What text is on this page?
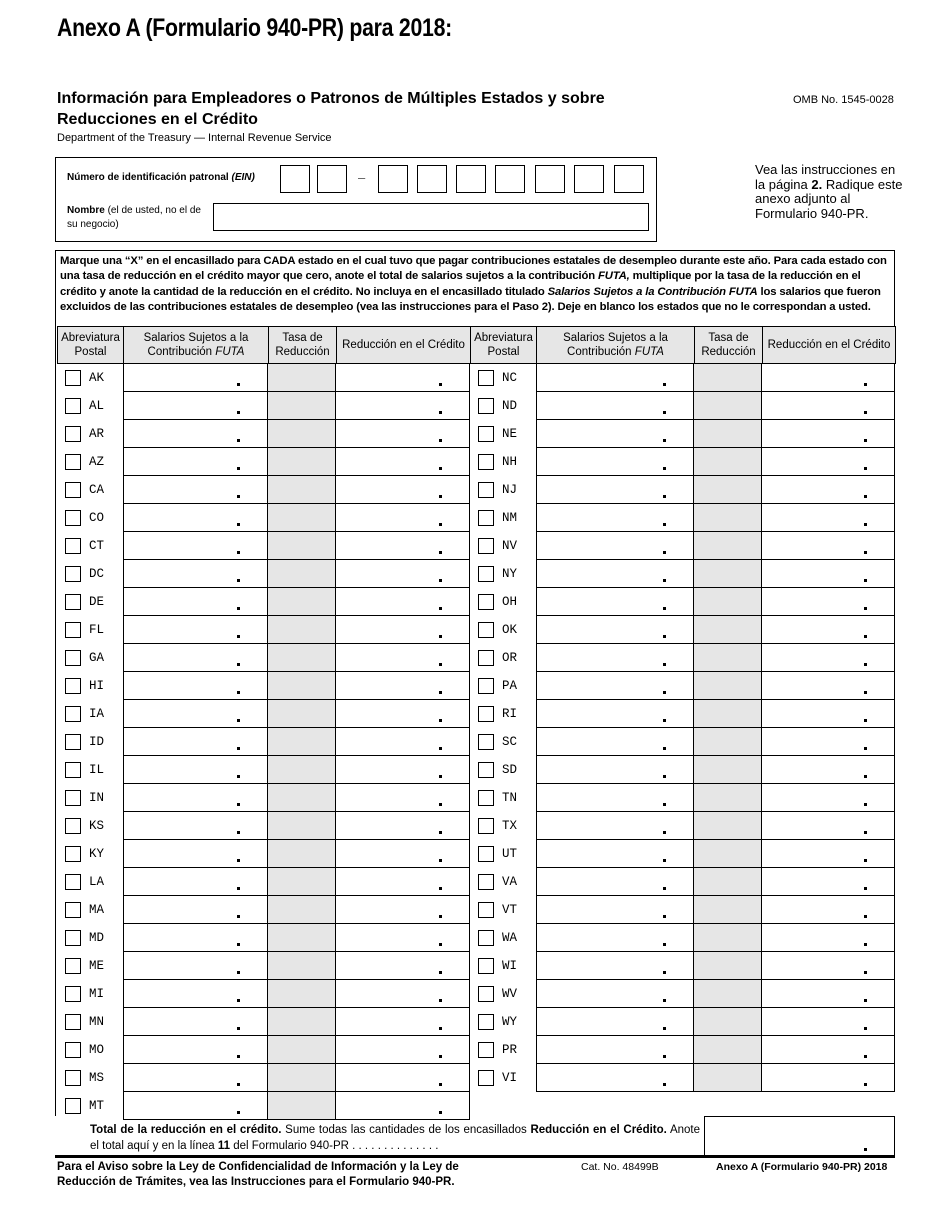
Anexo A (Formulario 940-PR) para 2018:
Información para Empleadores o Patronos de Múltiples Estados y sobre
Reducciones en el Crédito
OMB No. 1545-0028
Department of the Treasury — Internal Revenue Service
Número de identificación patronal (EIN)	–
Nombre (el de usted, no el de su negocio)
Vea las instrucciones en la página 2. Radique este anexo adjunto al Formulario 940-PR.
Marque una “X” en el encasillado para CADA estado en el cual tuvo que pagar contribuciones estatales de desempleo durante este año. Para cada estado con una tasa de reducción en el crédito mayor que cero, anote el total de salarios sujetos a la contribución FUTA, multiplique por la tasa de la reducción en el crédito y anote la cantidad de la reducción en el crédito. No incluya en el encasillado titulado Salarios Sujetos a la Contribución FUTA los salarios que fueron excluidos de las contribuciones estatales de desempleo (vea las instrucciones para el Paso 2). Deje en blanco los estados que no le correspondan a usted.
Abreviatura Postal
Salarios Sujetos a la Contribución FUTA
Tasa de Reducción
Reducción en el Crédito
AK
AL
AR
AZ
CA
CO
CT
DC
DE
FL
GA
HI
IA
ID
IL
IN
KS
KY
LA
MA
MD
ME
MI
MN
MO
MS
MT
Abreviatura Postal
Salarios Sujetos a la Contribución FUTA
Tasa de Reducción
Reducción en el Crédito
NC
ND
NE
NH
NJ
NM
NV
NY
OH
OK
OR
PA
RI
SC
SD
TN
TX
UT
VA
VT
WA
WI
WV
WY
PR
VI
Total de la reducción en el crédito. Sume todas las cantidades de los encasillados Reducción en el Crédito. Anote el total aquí y en la línea 11 del Formulario 940-PR . . . . . . . . . . . . . .
Para el Aviso sobre la Ley de Confidencialidad de Información y la Ley de Reducción de Trámites, vea las Instrucciones para el Formulario 940-PR.
Cat. No. 48499B	Anexo A (Formulario 940-PR) 2018
